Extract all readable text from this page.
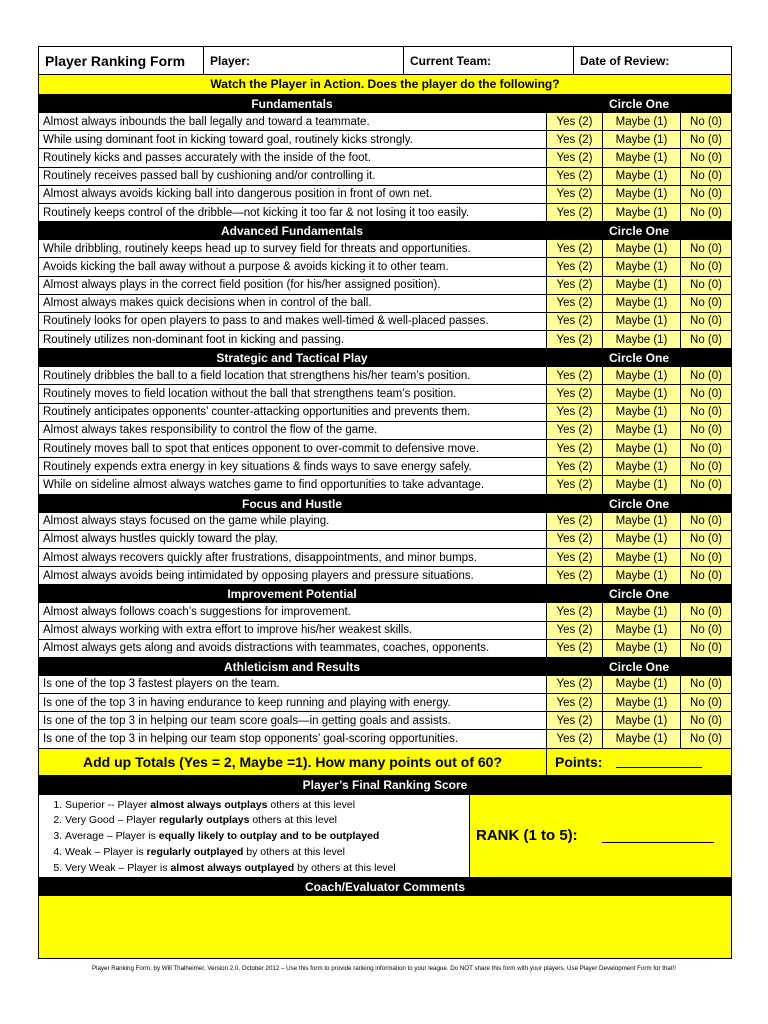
Player Ranking Form	Player:	Current Team:	Date of Review:
Watch the Player in Action. Does the player do the following?
Fundamentals	Circle One
Almost always inbounds the ball legally and toward a teammate.	Yes (2)	Maybe (1)	No (0)
While using dominant foot in kicking toward goal, routinely kicks strongly.	Yes (2)	Maybe (1)	No (0)
Routinely kicks and passes accurately with the inside of the foot.	Yes (2)	Maybe (1)	No (0)
Routinely receives passed ball by cushioning and/or controlling it.	Yes (2)	Maybe (1)	No (0)
Almost always avoids kicking ball into dangerous position in front of own net.	Yes (2)	Maybe (1)	No (0)
Routinely keeps control of the dribble—not kicking it too far & not losing it too easily.	Yes (2)	Maybe (1)	No (0)
Advanced Fundamentals	Circle One
While dribbling, routinely keeps head up to survey field for threats and opportunities.	Yes (2)	Maybe (1)	No (0)
Avoids kicking the ball away without a purpose & avoids kicking it to other team.	Yes (2)	Maybe (1)	No (0)
Almost always plays in the correct field position (for his/her assigned position).	Yes (2)	Maybe (1)	No (0)
Almost always makes quick decisions when in control of the ball.	Yes (2)	Maybe (1)	No (0)
Routinely looks for open players to pass to and makes well-timed & well-placed passes.	Yes (2)	Maybe (1)	No (0)
Routinely utilizes non-dominant foot in kicking and passing.	Yes (2)	Maybe (1)	No (0)
Strategic and Tactical Play	Circle One
Routinely dribbles the ball to a field location that strengthens his/her team’s position.	Yes (2)	Maybe (1)	No (0)
Routinely moves to field location without the ball that strengthens team’s position.	Yes (2)	Maybe (1)	No (0)
Routinely anticipates opponents’ counter-attacking opportunities and prevents them.	Yes (2)	Maybe (1)	No (0)
Almost always takes responsibility to control the flow of the game.	Yes (2)	Maybe (1)	No (0)
Routinely moves ball to spot that entices opponent to over-commit to defensive move.	Yes (2)	Maybe (1)	No (0)
Routinely expends extra energy in key situations & finds ways to save energy safely.	Yes (2)	Maybe (1)	No (0)
While on sideline almost always watches game to find opportunities to take advantage.	Yes (2)	Maybe (1)	No (0)
Focus and Hustle	Circle One
Almost always stays focused on the game while playing.	Yes (2)	Maybe (1)	No (0)
Almost always hustles quickly toward the play.	Yes (2)	Maybe (1)	No (0)
Almost always recovers quickly after frustrations, disappointments, and minor bumps.	Yes (2)	Maybe (1)	No (0)
Almost always avoids being intimidated by opposing players and pressure situations.	Yes (2)	Maybe (1)	No (0)
Improvement Potential	Circle One
Almost always follows coach’s suggestions for improvement.	Yes (2)	Maybe (1)	No (0)
Almost always working with extra effort to improve his/her weakest skills.	Yes (2)	Maybe (1)	No (0)
Almost always gets along and avoids distractions with teammates, coaches, opponents.	Yes (2)	Maybe (1)	No (0)
Athleticism and Results	Circle One
Is one of the top 3 fastest players on the team.	Yes (2)	Maybe (1)	No (0)
Is one of the top 3 in having endurance to keep running and playing with energy.	Yes (2)	Maybe (1)	No (0)
Is one of the top 3 in helping our team score goals—in getting goals and assists.	Yes (2)	Maybe (1)	No (0)
Is one of the top 3 in helping our team stop opponents’ goal-scoring opportunities.	Yes (2)	Maybe (1)	No (0)
Add up Totals (Yes = 2, Maybe =1). How many points out of 60?	Points:
Player’s Final Ranking Score
1. Superior -- Player almost always outplays others at this level
2. Very Good – Player regularly outplays others at this level
3. Average – Player is equally likely to outplay and to be outplayed
4. Weak – Player is regularly outplayed by others at this level
5. Very Weak – Player is almost always outplayed by others at this level
RANK (1 to 5):
Coach/Evaluator Comments
Player Ranking Form, by Will Thalheimer, Version 2.0, October 2012 – Use this form to provide ranking information to your league. Do NOT share this form with your players. Use Player Development Form for that!!
